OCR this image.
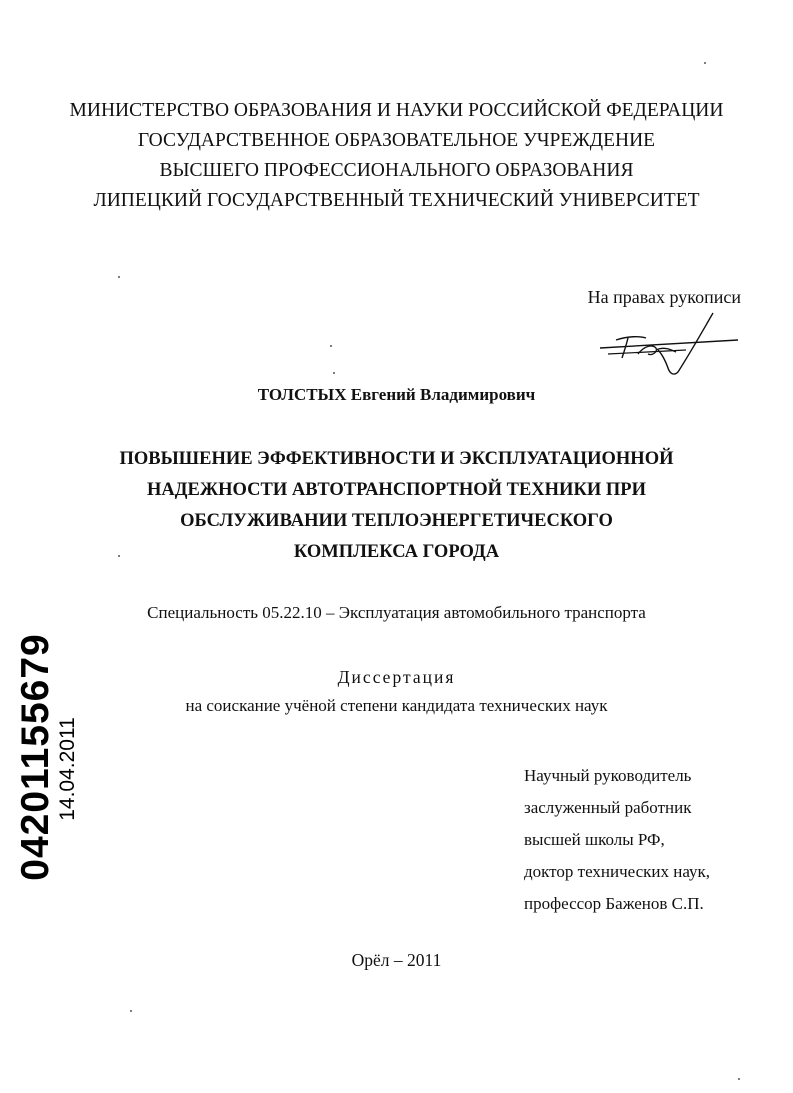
МИНИСТЕРСТВО ОБРАЗОВАНИЯ И НАУКИ РОССИЙСКОЙ ФЕДЕРАЦИИ
ГОСУДАРСТВЕННОЕ ОБРАЗОВАТЕЛЬНОЕ УЧРЕЖДЕНИЕ
ВЫСШЕГО ПРОФЕССИОНАЛЬНОГО ОБРАЗОВАНИЯ
ЛИПЕЦКИЙ ГОСУДАРСТВЕННЫЙ ТЕХНИЧЕСКИЙ УНИВЕРСИТЕТ
На правах рукописи
ТОЛСТЫХ Евгений Владимирович
ПОВЫШЕНИЕ ЭФФЕКТИВНОСТИ И ЭКСПЛУАТАЦИОННОЙ
НАДЕЖНОСТИ АВТОТРАНСПОРТНОЙ ТЕХНИКИ ПРИ
ОБСЛУЖИВАНИИ ТЕПЛОЭНЕРГЕТИЧЕСКОГО
КОМПЛЕКСА ГОРОДА
Специальность 05.22.10 – Эксплуатация автомобильного транспорта
Диссертация
на соискание учёной степени кандидата технических наук
Научный руководитель
заслуженный работник
высшей школы РФ,
доктор технических наук,
профессор Баженов С.П.
Орёл – 2011
04201155679 14.04.2011
